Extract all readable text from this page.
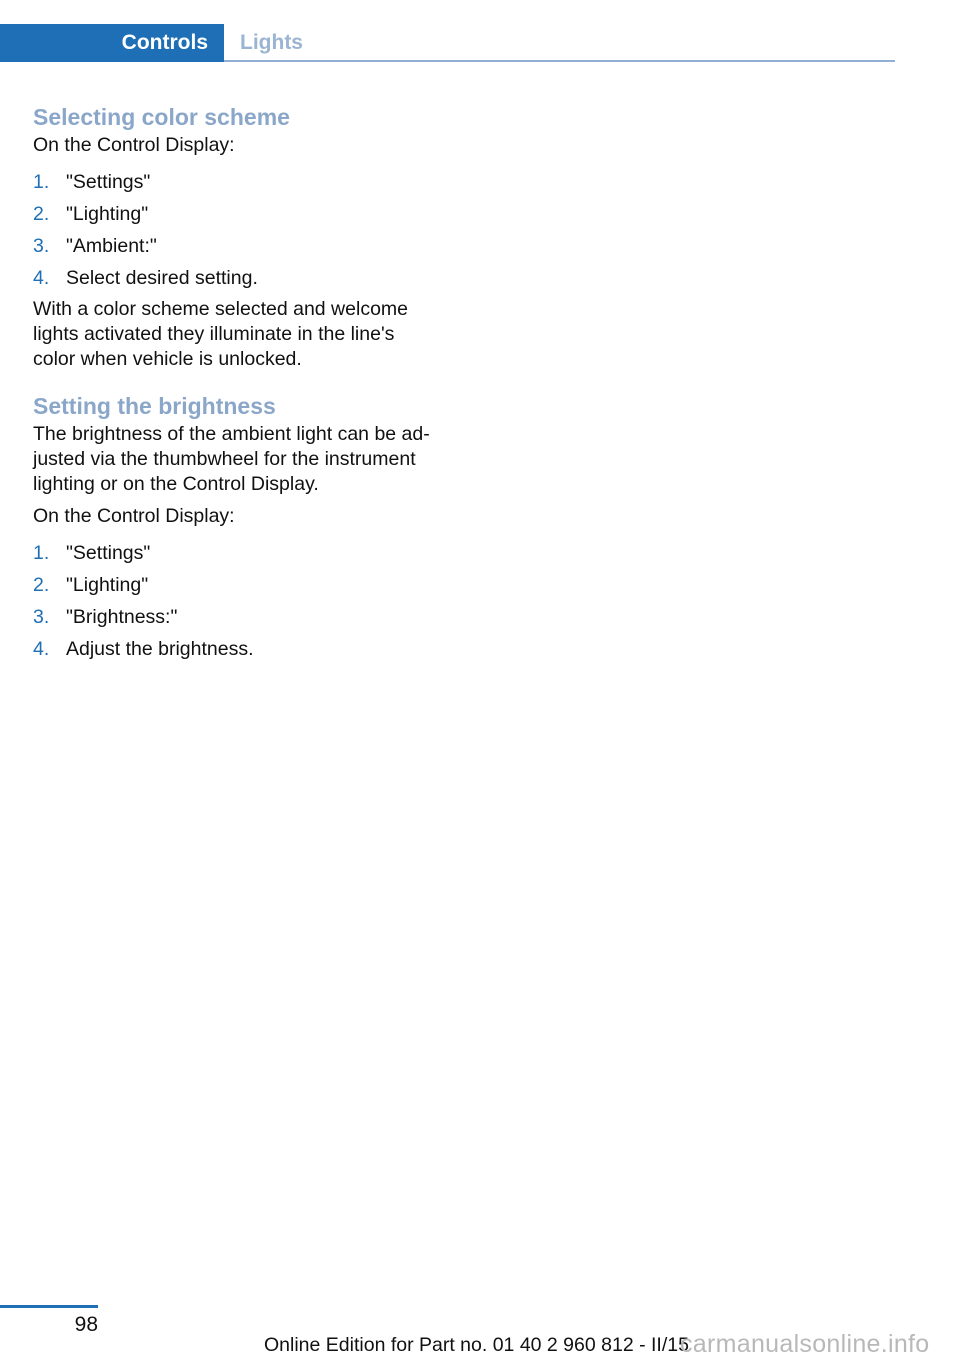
Controls Lights
Selecting color scheme

On the Control Display:

1. "Settings"
2. "Lighting"
3. "Ambient:"
4. Select desired setting.

With a color scheme selected and welcome
lights activated they illuminate in the line's
color when vehicle is unlocked.

Setting the brightness

The brightness of the ambient light can be ad‐
justed via the thumbwheel for the instrument
lighting or on the Control Display.

On the Control Display:

1. "Settings"
2. "Lighting"
3. "Brightness:"
4. Adjust the brightness.
98
Online Edition for Part no. 01 40 2 960 812 - II/15
carmanualsonline.info
